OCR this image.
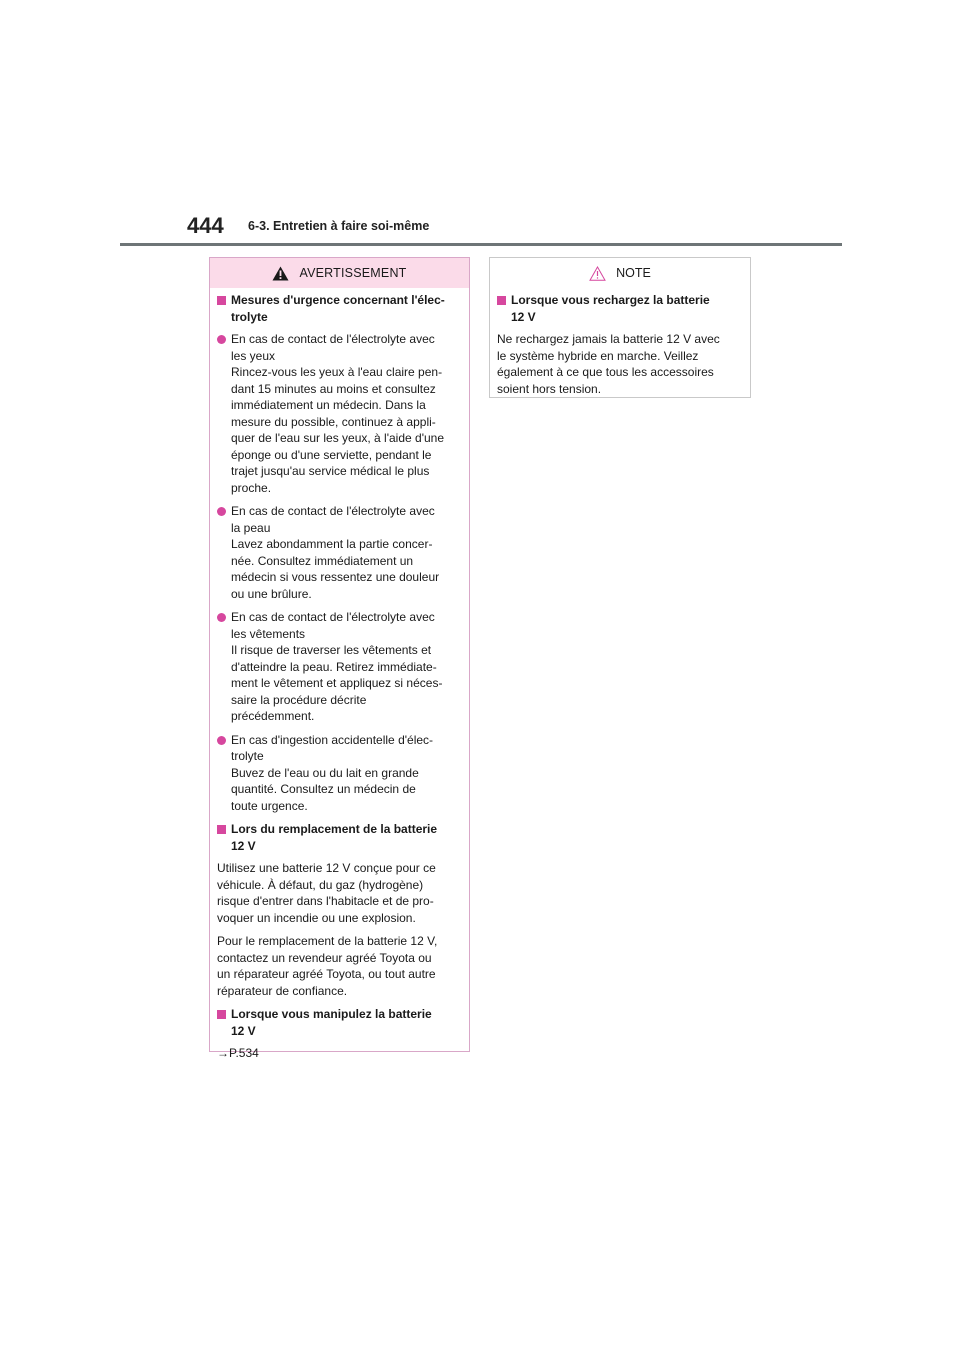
444 6-3. Entretien à faire soi-même
AVERTISSEMENT
Mesures d'urgence concernant l'élec-
trolyte
En cas de contact de l'électrolyte avec
les yeux
Rincez-vous les yeux à l'eau claire pen-
dant 15 minutes au moins et consultez
immédiatement un médecin. Dans la
mesure du possible, continuez à appli-
quer de l'eau sur les yeux, à l'aide d'une
éponge ou d'une serviette, pendant le
trajet jusqu'au service médical le plus
proche.
En cas de contact de l'électrolyte avec
la peau
Lavez abondamment la partie concer-
née. Consultez immédiatement un
médecin si vous ressentez une douleur
ou une brûlure.
En cas de contact de l'électrolyte avec
les vêtements
Il risque de traverser les vêtements et
d'atteindre la peau. Retirez immédiate-
ment le vêtement et appliquez si néces-
saire la procédure décrite
précédemment.
En cas d'ingestion accidentelle d'élec-
trolyte
Buvez de l'eau ou du lait en grande
quantité. Consultez un médecin de
toute urgence.
Lors du remplacement de la batterie
12 V
Utilisez une batterie 12 V conçue pour ce
véhicule. À défaut, du gaz (hydrogène)
risque d'entrer dans l'habitacle et de pro-
voquer un incendie ou une explosion.
Pour le remplacement de la batterie 12 V,
contactez un revendeur agréé Toyota ou
un réparateur agréé Toyota, ou tout autre
réparateur de confiance.
Lorsque vous manipulez la batterie
12 V
→P.534
NOTE
Lorsque vous rechargez la batterie
12 V
Ne rechargez jamais la batterie 12 V avec
le système hybride en marche. Veillez
également à ce que tous les accessoires
soient hors tension.
